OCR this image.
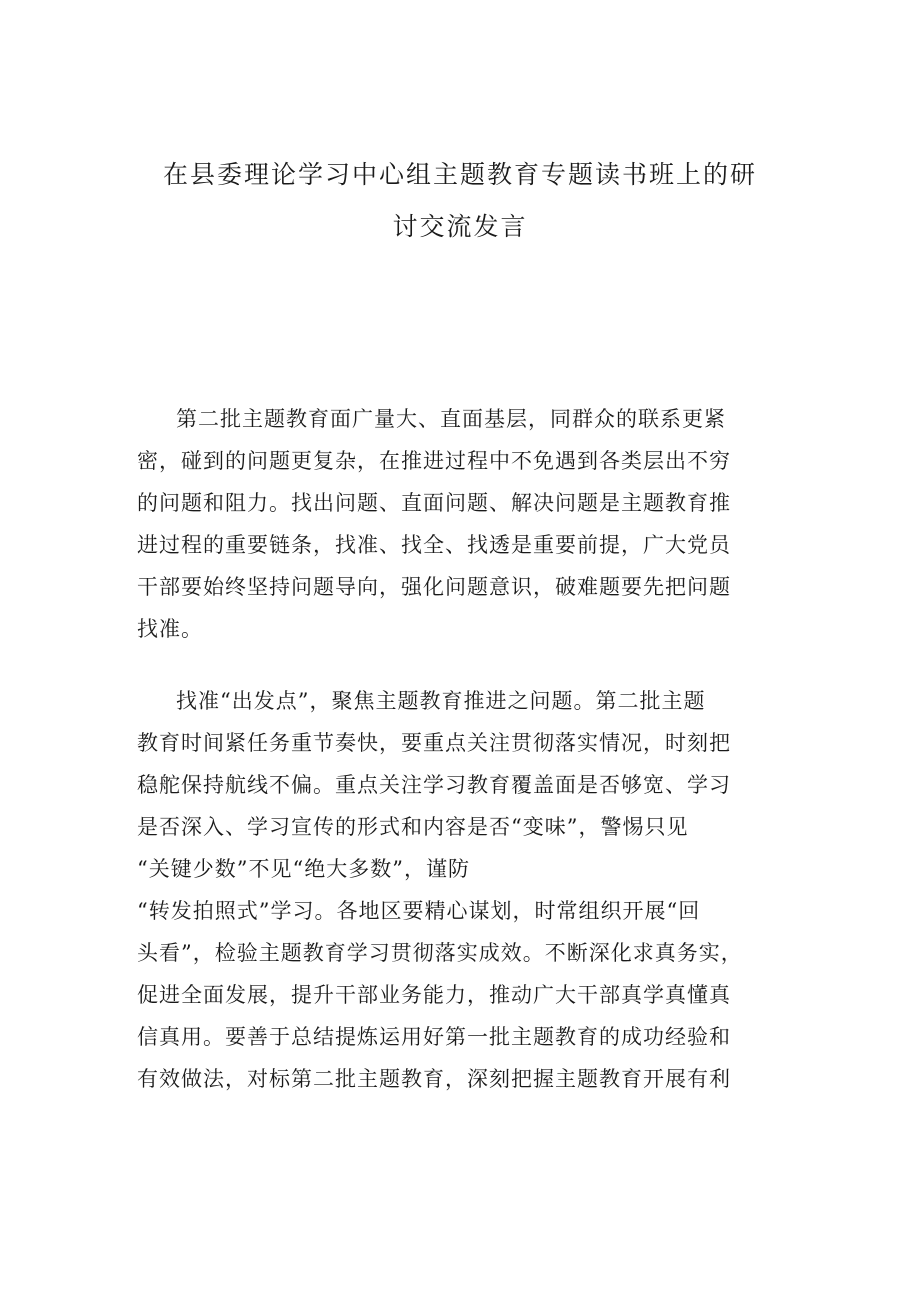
在县委理论学习中心组主题教育专题读书班上的研
讨交流发言
第二批主题教育面广量大、直面基层，同群众的联系更紧
密，碰到的问题更复杂，在推进过程中不免遇到各类层出不穷
的问题和阻力。找出问题、直面问题、解决问题是主题教育推
进过程的重要链条，找准、找全、找透是重要前提，广大党员
干部要始终坚持问题导向，强化问题意识，破难题要先把问题
找准。
找准“出发点”，聚焦主题教育推进之问题。第二批主题
教育时间紧任务重节奏快，要重点关注贯彻落实情况，时刻把
稳舵保持航线不偏。重点关注学习教育覆盖面是否够宽、学习
是否深入、学习宣传的形式和内容是否“变味”，警惕只见
“关键少数”不见“绝大多数”，谨防
“转发拍照式”学习。各地区要精心谋划，时常组织开展“回
头看”，检验主题教育学习贯彻落实成效。不断深化求真务实，
促进全面发展，提升干部业务能力，推动广大干部真学真懂真
信真用。要善于总结提炼运用好第一批主题教育的成功经验和
有效做法，对标第二批主题教育，深刻把握主题教育开展有利
